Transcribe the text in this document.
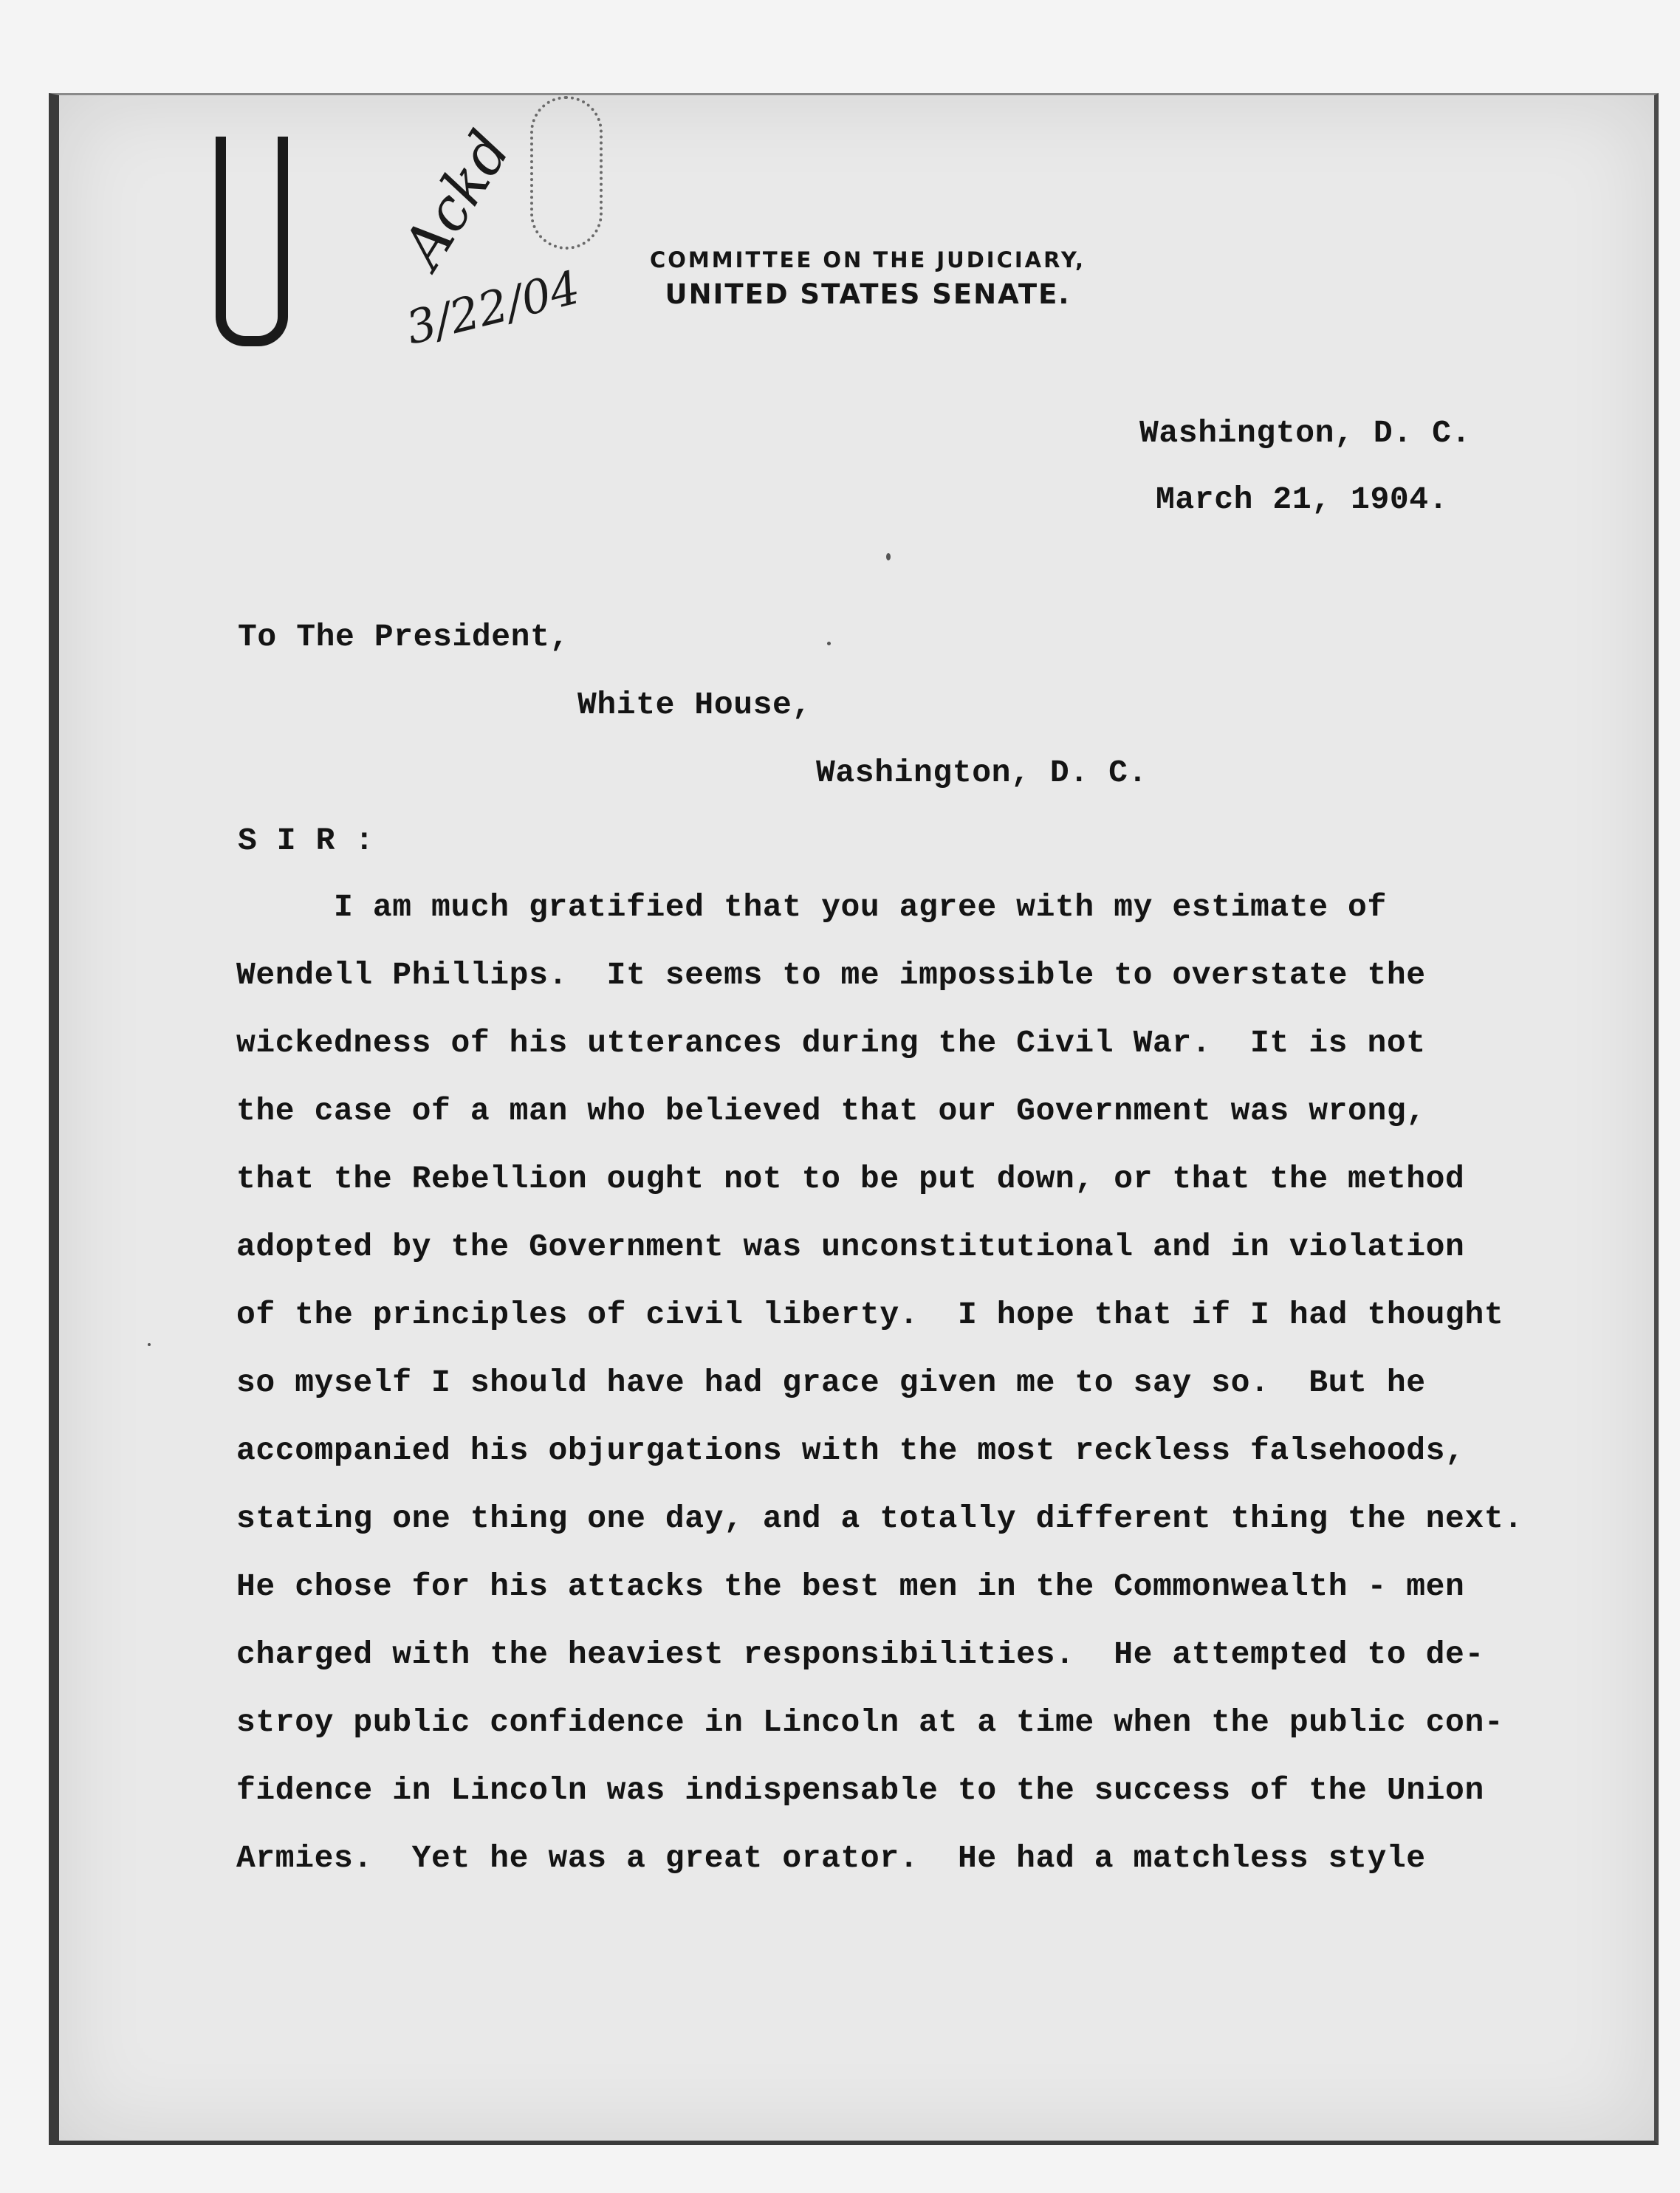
Ackd
3/22/04
COMMITTEE ON THE JUDICIARY,
UNITED STATES SENATE.
Washington, D. C.
March 21, 1904.
To The President,
White House,
Washington, D. C.
S I R :
I am much gratified that you agree with my estimate of
Wendell Phillips.  It seems to me impossible to overstate the
wickedness of his utterances during the Civil War.  It is not
the case of a man who believed that our Government was wrong,
that the Rebellion ought not to be put down, or that the method
adopted by the Government was unconstitutional and in violation
of the principles of civil liberty.  I hope that if I had thought
so myself I should have had grace given me to say so.  But he
accompanied his objurgations with the most reckless falsehoods,
stating one thing one day, and a totally different thing the next.
He chose for his attacks the best men in the Commonwealth - men
charged with the heaviest responsibilities.  He attempted to de-
stroy public confidence in Lincoln at a time when the public con-
fidence in Lincoln was indispensable to the success of the Union
Armies.  Yet he was a great orator.  He had a matchless style
